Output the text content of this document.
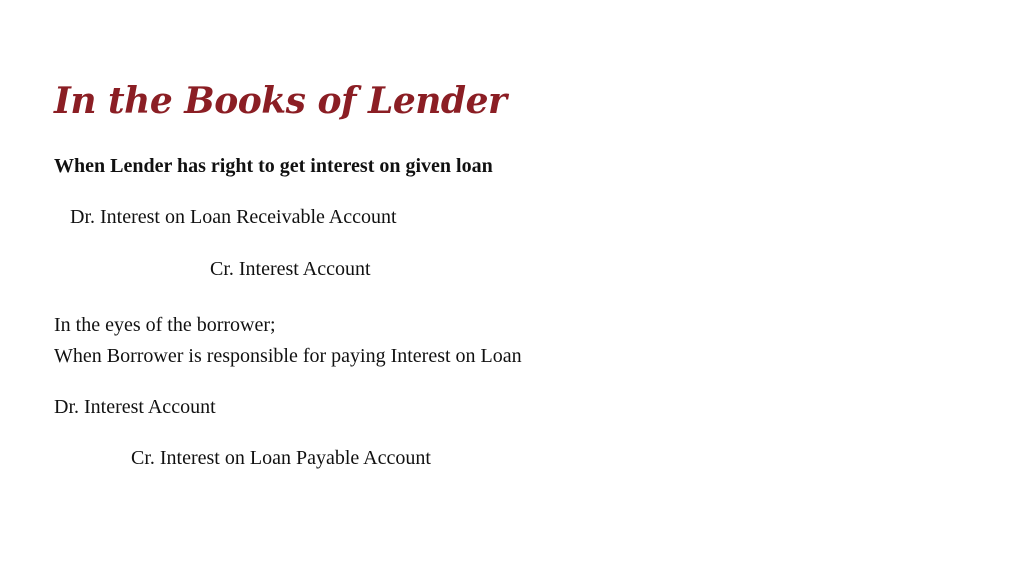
In the Books of Lender

When Lender has right to get interest on given loan

Dr. Interest on Loan Receivable Account

Cr. Interest Account

In the eyes of the borrower;

When Borrower is responsible for paying Interest on Loan

Dr. Interest Account

Cr. Interest on Loan Payable Account
